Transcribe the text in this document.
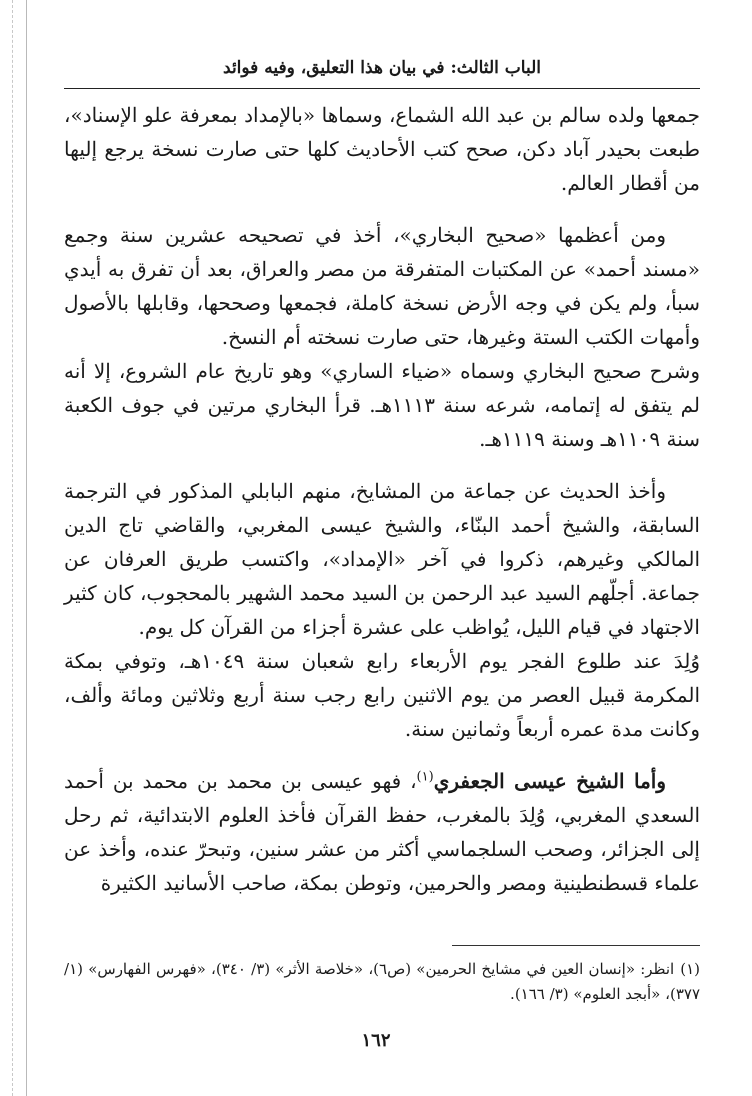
الباب الثالث: في بيان هذا التعليق، وفيه فوائد

جمعها ولده سالم بن عبد الله الشماع، وسماها «بالإمداد بمعرفة علو الإسناد»، طبعت بحيدر آباد دكن، صحح كتب الأحاديث كلها حتى صارت نسخة يرجع إليها من أقطار العالم.

ومن أعظمها «صحيح البخاري»، أخذ في تصحيحه عشرين سنة وجمع «مسند أحمد» عن المكتبات المتفرقة من مصر والعراق، بعد أن تفرق به أيدي سبأ، ولم يكن في وجه الأرض نسخة كاملة، فجمعها وصححها، وقابلها بالأصول وأمهات الكتب الستة وغيرها، حتى صارت نسخته أم النسخ.

وشرح صحيح البخاري وسماه «ضياء الساري» وهو تاريخ عام الشروع، إلا أنه لم يتفق له إتمامه، شرعه سنة ١١١٣هـ. قرأ البخاري مرتين في جوف الكعبة سنة ١١٠٩هـ وسنة ١١١٩هـ.

وأخذ الحديث عن جماعة من المشايخ، منهم البابلي المذكور في الترجمة السابقة، والشيخ أحمد البنّاء، والشيخ عيسى المغربي، والقاضي تاج الدين المالكي وغيرهم، ذكروا في آخر «الإمداد»، واكتسب طريق العرفان عن جماعة. أجلّهم السيد عبد الرحمن بن السيد محمد الشهير بالمحجوب، كان كثير الاجتهاد في قيام الليل، يُواظب على عشرة أجزاء من القرآن كل يوم.

وُلِدَ عند طلوع الفجر يوم الأربعاء رابع شعبان سنة ١٠٤٩هـ، وتوفي بمكة المكرمة قبيل العصر من يوم الاثنين رابع رجب سنة أربع وثلاثين ومائة وألف، وكانت مدة عمره أربعاً وثمانين سنة.

وأما الشيخ عيسى الجعفري$^{(١)}$، فهو عيسى بن محمد بن محمد بن أحمد السعدي المغربي، وُلِدَ بالمغرب، حفظ القرآن فأخذ العلوم الابتدائية، ثم رحل إلى الجزائر، وصحب السلجماسي أكثر من عشر سنين، وتبحرّ عنده، وأخذ عن علماء قسطنطينية ومصر والحرمين، وتوطن بمكة، صاحب الأسانيد الكثيرة

(١)انظر: «إنسان العين في مشايخ الحرمين» (ص٦)، «خلاصة الأثر» (٣/ ٣٤٠)، «فهرس الفهارس» (١/ ٣٧٧)، «أبجد العلوم» (٣/ ١٦٦).
١٦٢
